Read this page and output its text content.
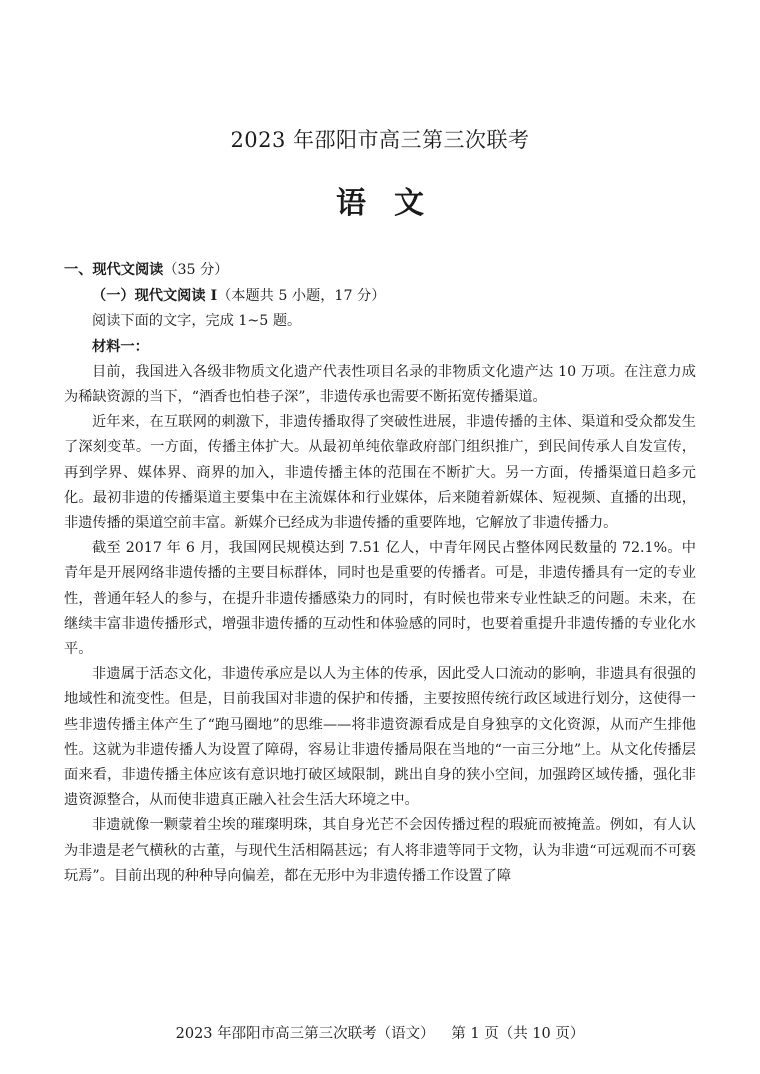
2023 年邵阳市高三第三次联考
语文

一、现代文阅读（35 分）

（一）现代文阅读 I（本题共 5 小题，17 分）

阅读下面的文字，完成 1~5 题。

材料一：

目前，我国进入各级非物质文化遗产代表性项目名录的非物质文化遗产达 10 万项。在注意力成为稀缺资源的当下，“酒香也怕巷子深”，非遗传承也需要不断拓宽传播渠道。

近年来，在互联网的刺激下，非遗传播取得了突破性进展，非遗传播的主体、渠道和受众都发生了深刻变革。一方面，传播主体扩大。从最初单纯依靠政府部门组织推广，到民间传承人自发宣传，再到学界、媒体界、商界的加入，非遗传播主体的范围在不断扩大。另一方面，传播渠道日趋多元化。最初非遗的传播渠道主要集中在主流媒体和行业媒体，后来随着新媒体、短视频、直播的出现，非遗传播的渠道空前丰富。新媒介已经成为非遗传播的重要阵地，它解放了非遗传播力。

截至 2017 年 6 月，我国网民规模达到 7.51 亿人，中青年网民占整体网民数量的 72.1%。中青年是开展网络非遗传播的主要目标群体，同时也是重要的传播者。可是，非遗传播具有一定的专业性，普通年轻人的参与，在提升非遗传播感染力的同时，有时候也带来专业性缺乏的问题。未来，在继续丰富非遗传播形式，增强非遗传播的互动性和体验感的同时，也要着重提升非遗传播的专业化水平。

非遗属于活态文化，非遗传承应是以人为主体的传承，因此受人口流动的影响，非遗具有很强的地域性和流变性。但是，目前我国对非遗的保护和传播，主要按照传统行政区域进行划分，这使得一些非遗传播主体产生了“跑马圈地”的思维——将非遗资源看成是自身独享的文化资源，从而产生排他性。这就为非遗传播人为设置了障碍，容易让非遗传播局限在当地的“一亩三分地”上。从文化传播层面来看，非遗传播主体应该有意识地打破区域限制，跳出自身的狭小空间，加强跨区域传播，强化非遗资源整合，从而使非遗真正融入社会生活大环境之中。

非遗就像一颗蒙着尘埃的璀璨明珠，其自身光芒不会因传播过程的瑕疵而被掩盖。例如，有人认为非遗是老气横秋的古董，与现代生活相隔甚远；有人将非遗等同于文物，认为非遗“可远观而不可亵玩焉”。目前出现的种种导向偏差，都在无形中为非遗传播工作设置了障

2023 年邵阳市高三第三次联考（语文） 第 1 页（共 10 页）
